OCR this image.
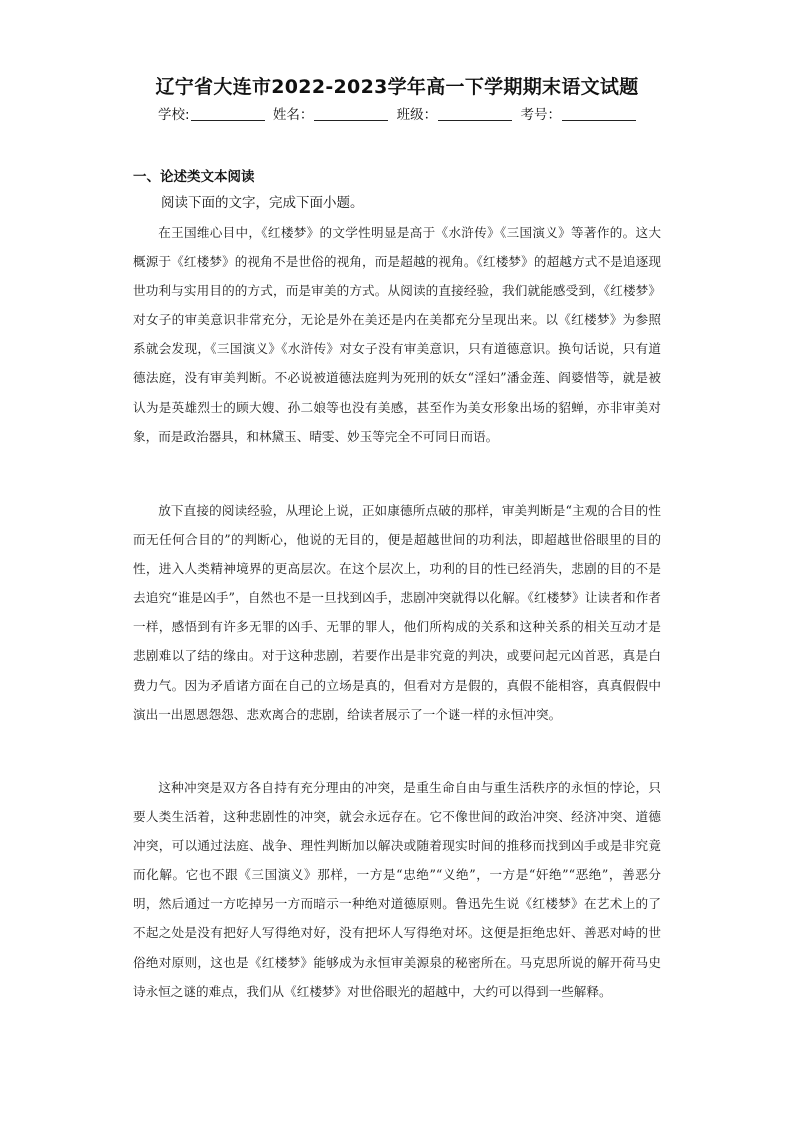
辽宁省大连市2022-2023学年高一下学期期末语文试题
学校:	姓名：	班级：	考号：
一、论述类文本阅读
阅读下面的文字，完成下面小题。

在王国维心目中，《红楼梦》的文学性明显是高于《水浒传》《三国演义》等著作的。这大概源于《红楼梦》的视角不是世俗的视角，而是超越的视角。《红楼梦》的超越方式不是追逐现世功利与实用目的的方式，而是审美的方式。从阅读的直接经验，我们就能感受到，《红楼梦》对女子的审美意识非常充分，无论是外在美还是内在美都充分呈现出来。以《红楼梦》为参照系就会发现，《三国演义》《水浒传》对女子没有审美意识，只有道德意识。换句话说，只有道德法庭，没有审美判断。不必说被道德法庭判为死刑的妖女“淫妇”潘金莲、阎婆惜等，就是被认为是英雄烈士的顾大嫂、孙二娘等也没有美感，甚至作为美女形象出场的貂蝉，亦非审美对象，而是政治器具，和林黛玉、晴雯、妙玉等完全不可同日而语。

放下直接的阅读经验，从理论上说，正如康德所点破的那样，审美判断是“主观的合目的性而无任何合目的”的判断心，他说的无目的，便是超越世间的功利法，即超越世俗眼里的目的性，进入人类精神境界的更高层次。在这个层次上，功利的目的性已经消失，悲剧的目的不是去追究“谁是凶手”，自然也不是一旦找到凶手，悲剧冲突就得以化解。《红楼梦》让读者和作者一样，感悟到有许多无罪的凶手、无罪的罪人，他们所构成的关系和这种关系的相关互动才是悲剧难以了结的缘由。对于这种悲剧，若要作出是非究竟的判决，或要问起元凶首恶，真是白费力气。因为矛盾诸方面在自己的立场是真的，但看对方是假的，真假不能相容，真真假假中演出一出恩恩怨怨、悲欢离合的悲剧，给读者展示了一个谜一样的永恒冲突。

这种冲突是双方各自持有充分理由的冲突，是重生命自由与重生活秩序的永恒的悖论，只要人类生活着，这种悲剧性的冲突，就会永远存在。它不像世间的政治冲突、经济冲突、道德冲突，可以通过法庭、战争、理性判断加以解决或随着现实时间的推移而找到凶手或是非究竟而化解。它也不跟《三国演义》那样，一方是“忠绝”“义绝”，一方是“奸绝”“恶绝”，善恶分明，然后通过一方吃掉另一方而暗示一种绝对道德原则。鲁迅先生说《红楼梦》在艺术上的了不起之处是没有把好人写得绝对好，没有把坏人写得绝对坏。这便是拒绝忠奸、善恶对峙的世俗绝对原则，这也是《红楼梦》能够成为永恒审美源泉的秘密所在。马克思所说的解开荷马史诗永恒之谜的难点，我们从《红楼梦》对世俗眼光的超越中，大约可以得到一些解释。
